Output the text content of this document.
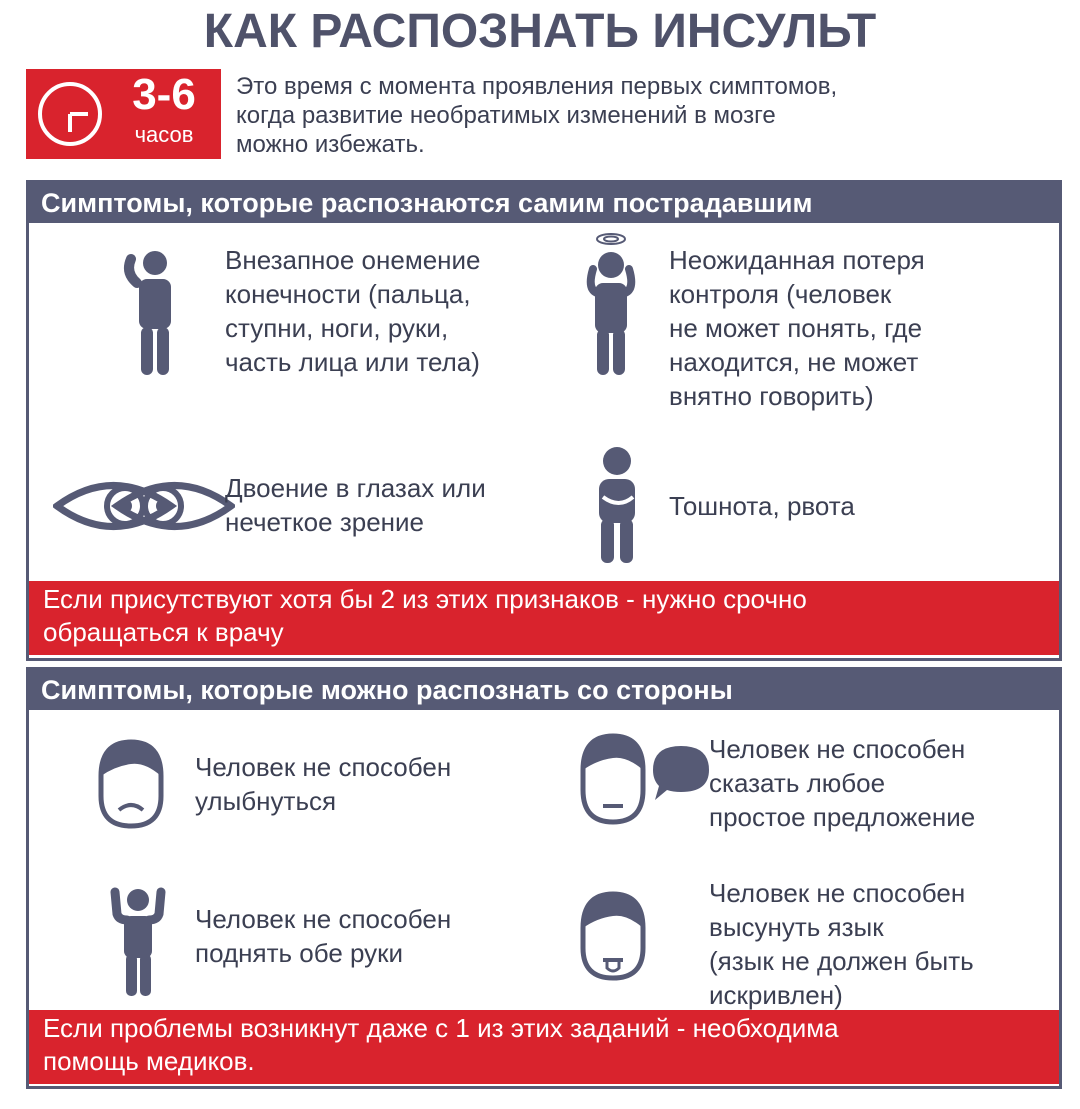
КАК РАСПОЗНАТЬ ИНСУЛЬТ
3-6
часов
Это время с момента проявления первых симптомов,
когда развитие необратимых изменений в мозге
можно избежать.
Симптомы, которые распознаются самим пострадавшим
Внезапное онемение
конечности (пальца,
ступни, ноги, руки,
часть лица или тела)
Неожиданная потеря
контроля (человек
не может понять, где
находится, не может
внятно говорить)
Двоение в глазах или
нечеткое зрение
Тошнота, рвота
Если присутствуют хотя бы 2 из этих признаков - нужно срочно
обращаться к врачу
Симптомы, которые можно распознать со стороны
Человек не способен
улыбнуться
Человек не способен
сказать любое
простое предложение
Человек не способен
поднять обе руки
Человек не способен
высунуть язык
(язык не должен быть
искривлен)
Если проблемы возникнут даже с 1 из этих заданий - необходима
помощь медиков.
